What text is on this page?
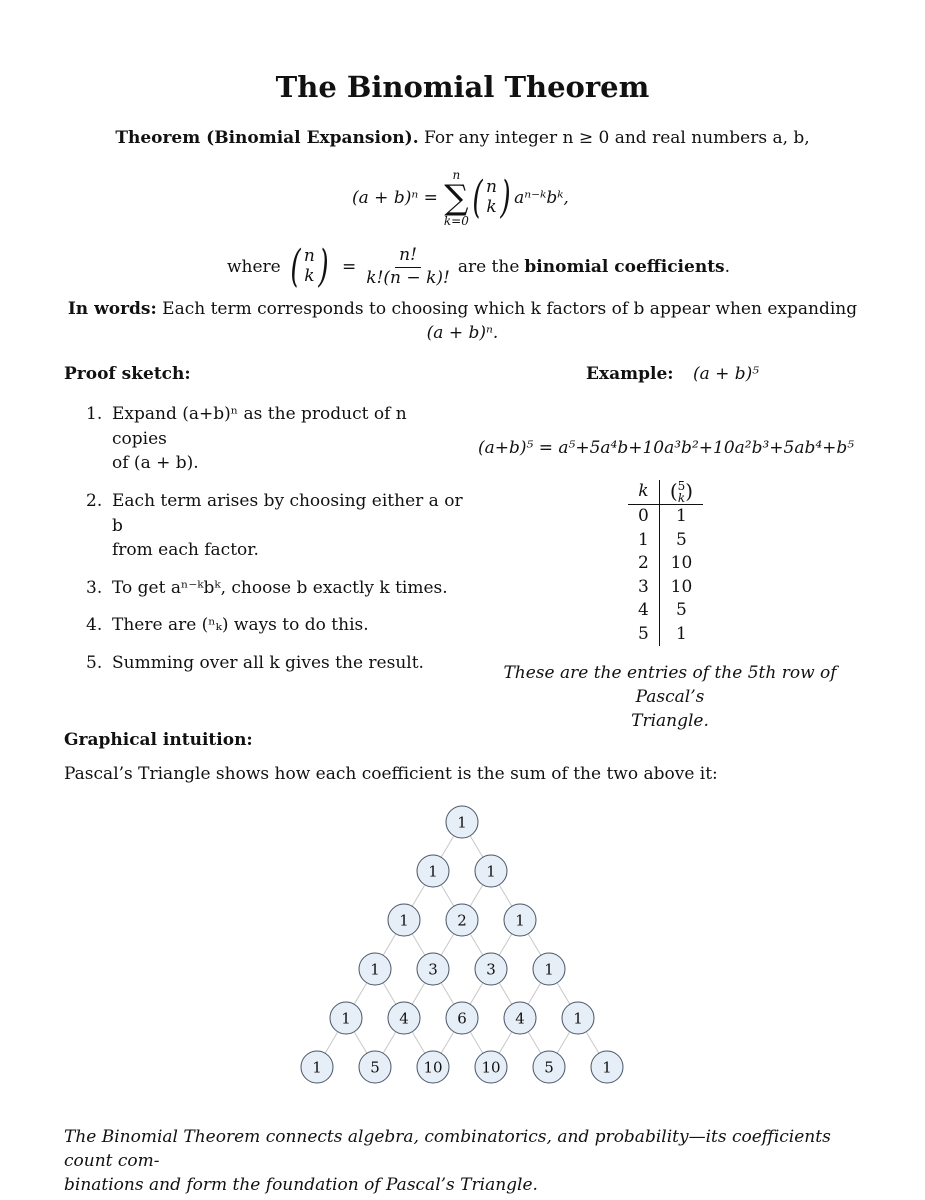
The Binomial Theorem
Theorem (Binomial Expansion). For any integer n ≥ 0 and real numbers a, b,
(a + b)ⁿ =
n
∑
k=0 ( n
k ) aⁿ⁻ᵏbᵏ,
where ( n
k ) = $\frac{n!}{k!(n - k)!}$ are the binomial coefficients .
In words: Each term corresponds to choosing which k factors of b appear when expanding
(a + b)ⁿ.
Proof sketch:
1. Expand (a+b)ⁿ as the product of n copies
of (a + b).
2. Each term arises by choosing either a or b
from each factor.
3. To get aⁿ⁻ᵏbᵏ, choose b exactly k times.
4. There are (ⁿₖ) ways to do this.
5. Summing over all k gives the result.
Example: (a + b)⁵
(a+b)⁵ = a⁵+5a⁴b+10a³b²+10a²b³+5ab⁴+b⁵
k	( 5
k )

0	1
1	5
2	10
3	10
4	5
5	1
These are the entries of the 5th row of Pascal’s
Triangle.
Graphical intuition:
Pascal’s Triangle shows how each coefficient is the sum of the two above it:
1
1	1
1	2	1
1	3	3	1
1	4	6	4	1
1	5	10	10	5	1
The Binomial Theorem connects algebra, combinatorics, and probability—its coefficients count com-
binations and form the foundation of Pascal’s Triangle.
